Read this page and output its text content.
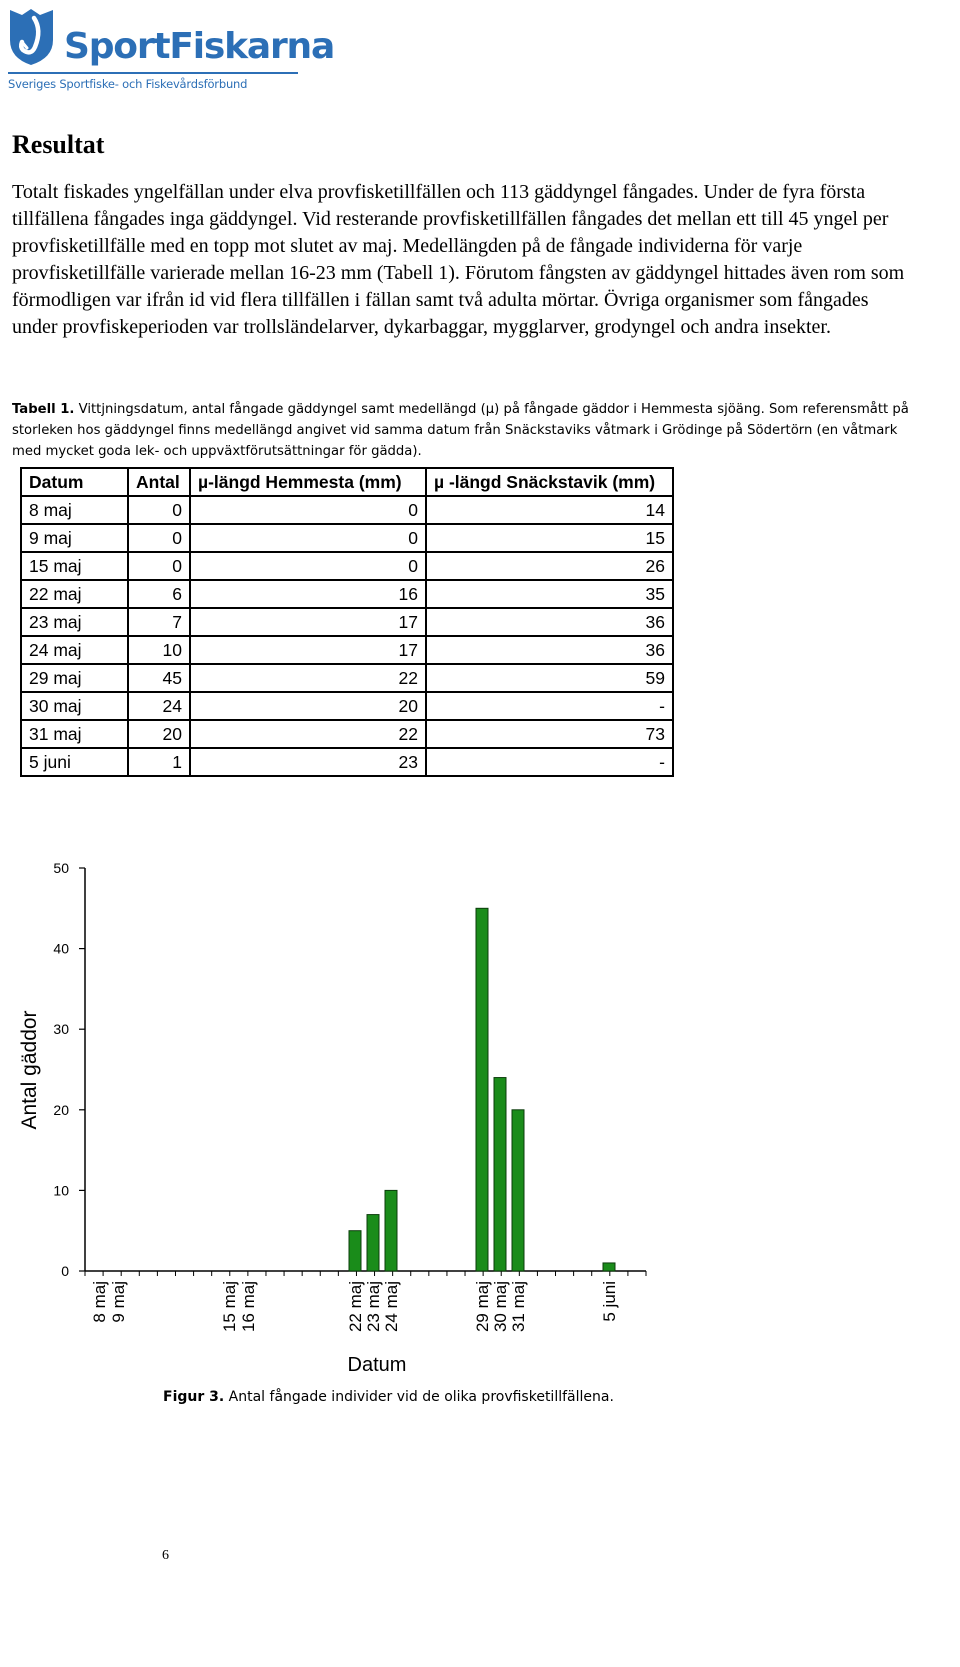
SportFiskarna
Sveriges Sportfiske- och Fiskevårdsförbund
Resultat

Totalt fiskades yngelfällan under elva provfisketillfällen och 113 gäddyngel fångades. Under de fyra första tillfällena fångades inga gäddyngel. Vid resterande provfisketillfällen fångades det mellan ett till 45 yngel per provfisketillfälle med en topp mot slutet av maj. Medellängden på de fångade individerna för varje provfisketillfälle varierade mellan 16-23 mm (Tabell 1). Förutom fångsten av gäddyngel hittades även rom som förmodligen var ifrån id vid flera tillfällen i fällan samt två adulta mörtar. Övriga organismer som fångades under provfiskeperioden var trollsländelarver, dykarbaggar, mygglarver, grodyngel och andra insekter.

Tabell 1. Vittjningsdatum, antal fångade gäddyngel samt medellängd (µ) på fångade gäddor i Hemmesta sjöäng. Som referensmått på storleken hos gäddyngel finns medellängd angivet vid samma datum från Snäckstaviks våtmark i Grödinge på Södertörn (en våtmark med mycket goda lek- och uppväxtförutsättningar för gädda).

Datum	Antal	µ-längd Hemmesta (mm)	µ -längd Snäckstavik (mm)
8 maj	0	0	14
9 maj	0	0	15
15 maj	0	0	26
22 maj	6	16	35
23 maj	7	17	36
24 maj	10	17	36
29 maj	45	22	59
30 maj	24	20	-
31 maj	20	22	73
5 juni	1	23	-
0
10
20
30
40
50
8 maj 9 maj	15 maj 16 maj	22 maj 23 maj 24 maj	29 maj 30 maj 31 maj	5 juni
Datum
Antal gäddor

Figur 3. Antal fångade individer vid de olika provfisketillfällena.

6
